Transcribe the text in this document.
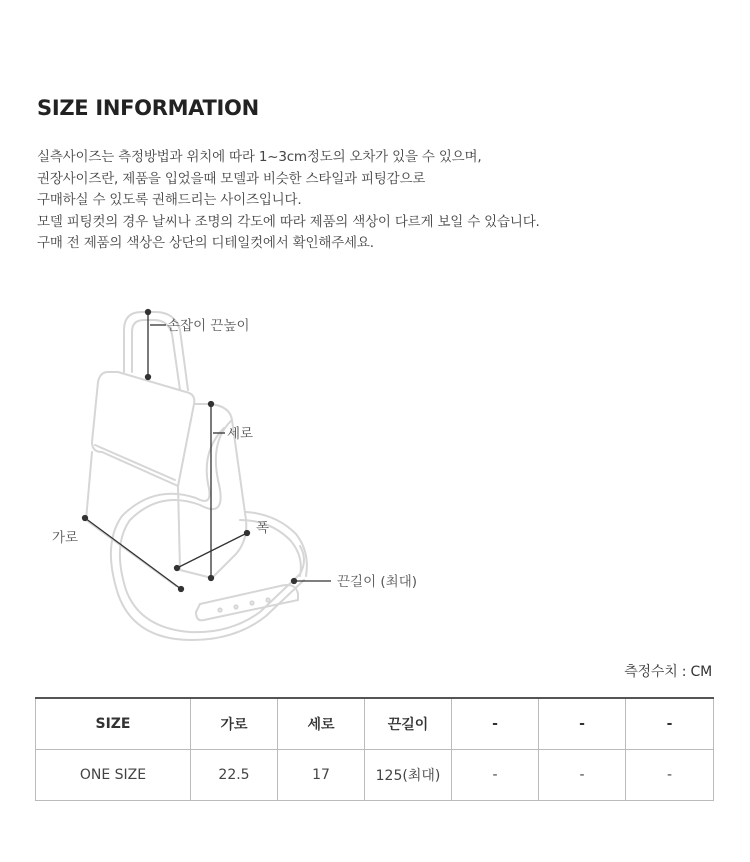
SIZE INFORMATION
실측사이즈는 측정방법과 위치에 따라 1~3cm정도의 오차가 있을 수 있으며,
권장사이즈란, 제품을 입었을때 모델과 비슷한 스타일과 피팅감으로
구매하실 수 있도록 권해드리는 사이즈입니다.
모델 피팅컷의 경우 날씨나 조명의 각도에 따라 제품의 색상이 다르게 보일 수 있습니다.
구매 전 제품의 색상은 상단의 디테일컷에서 확인해주세요.
손잡이 끈높이
세로
폭
가로
끈길이 (최대)
측정수치 : CM
SIZE	가로	세로	끈길이	-	-	-
ONE SIZE	22.5	17	125(최대)	-	-	-
